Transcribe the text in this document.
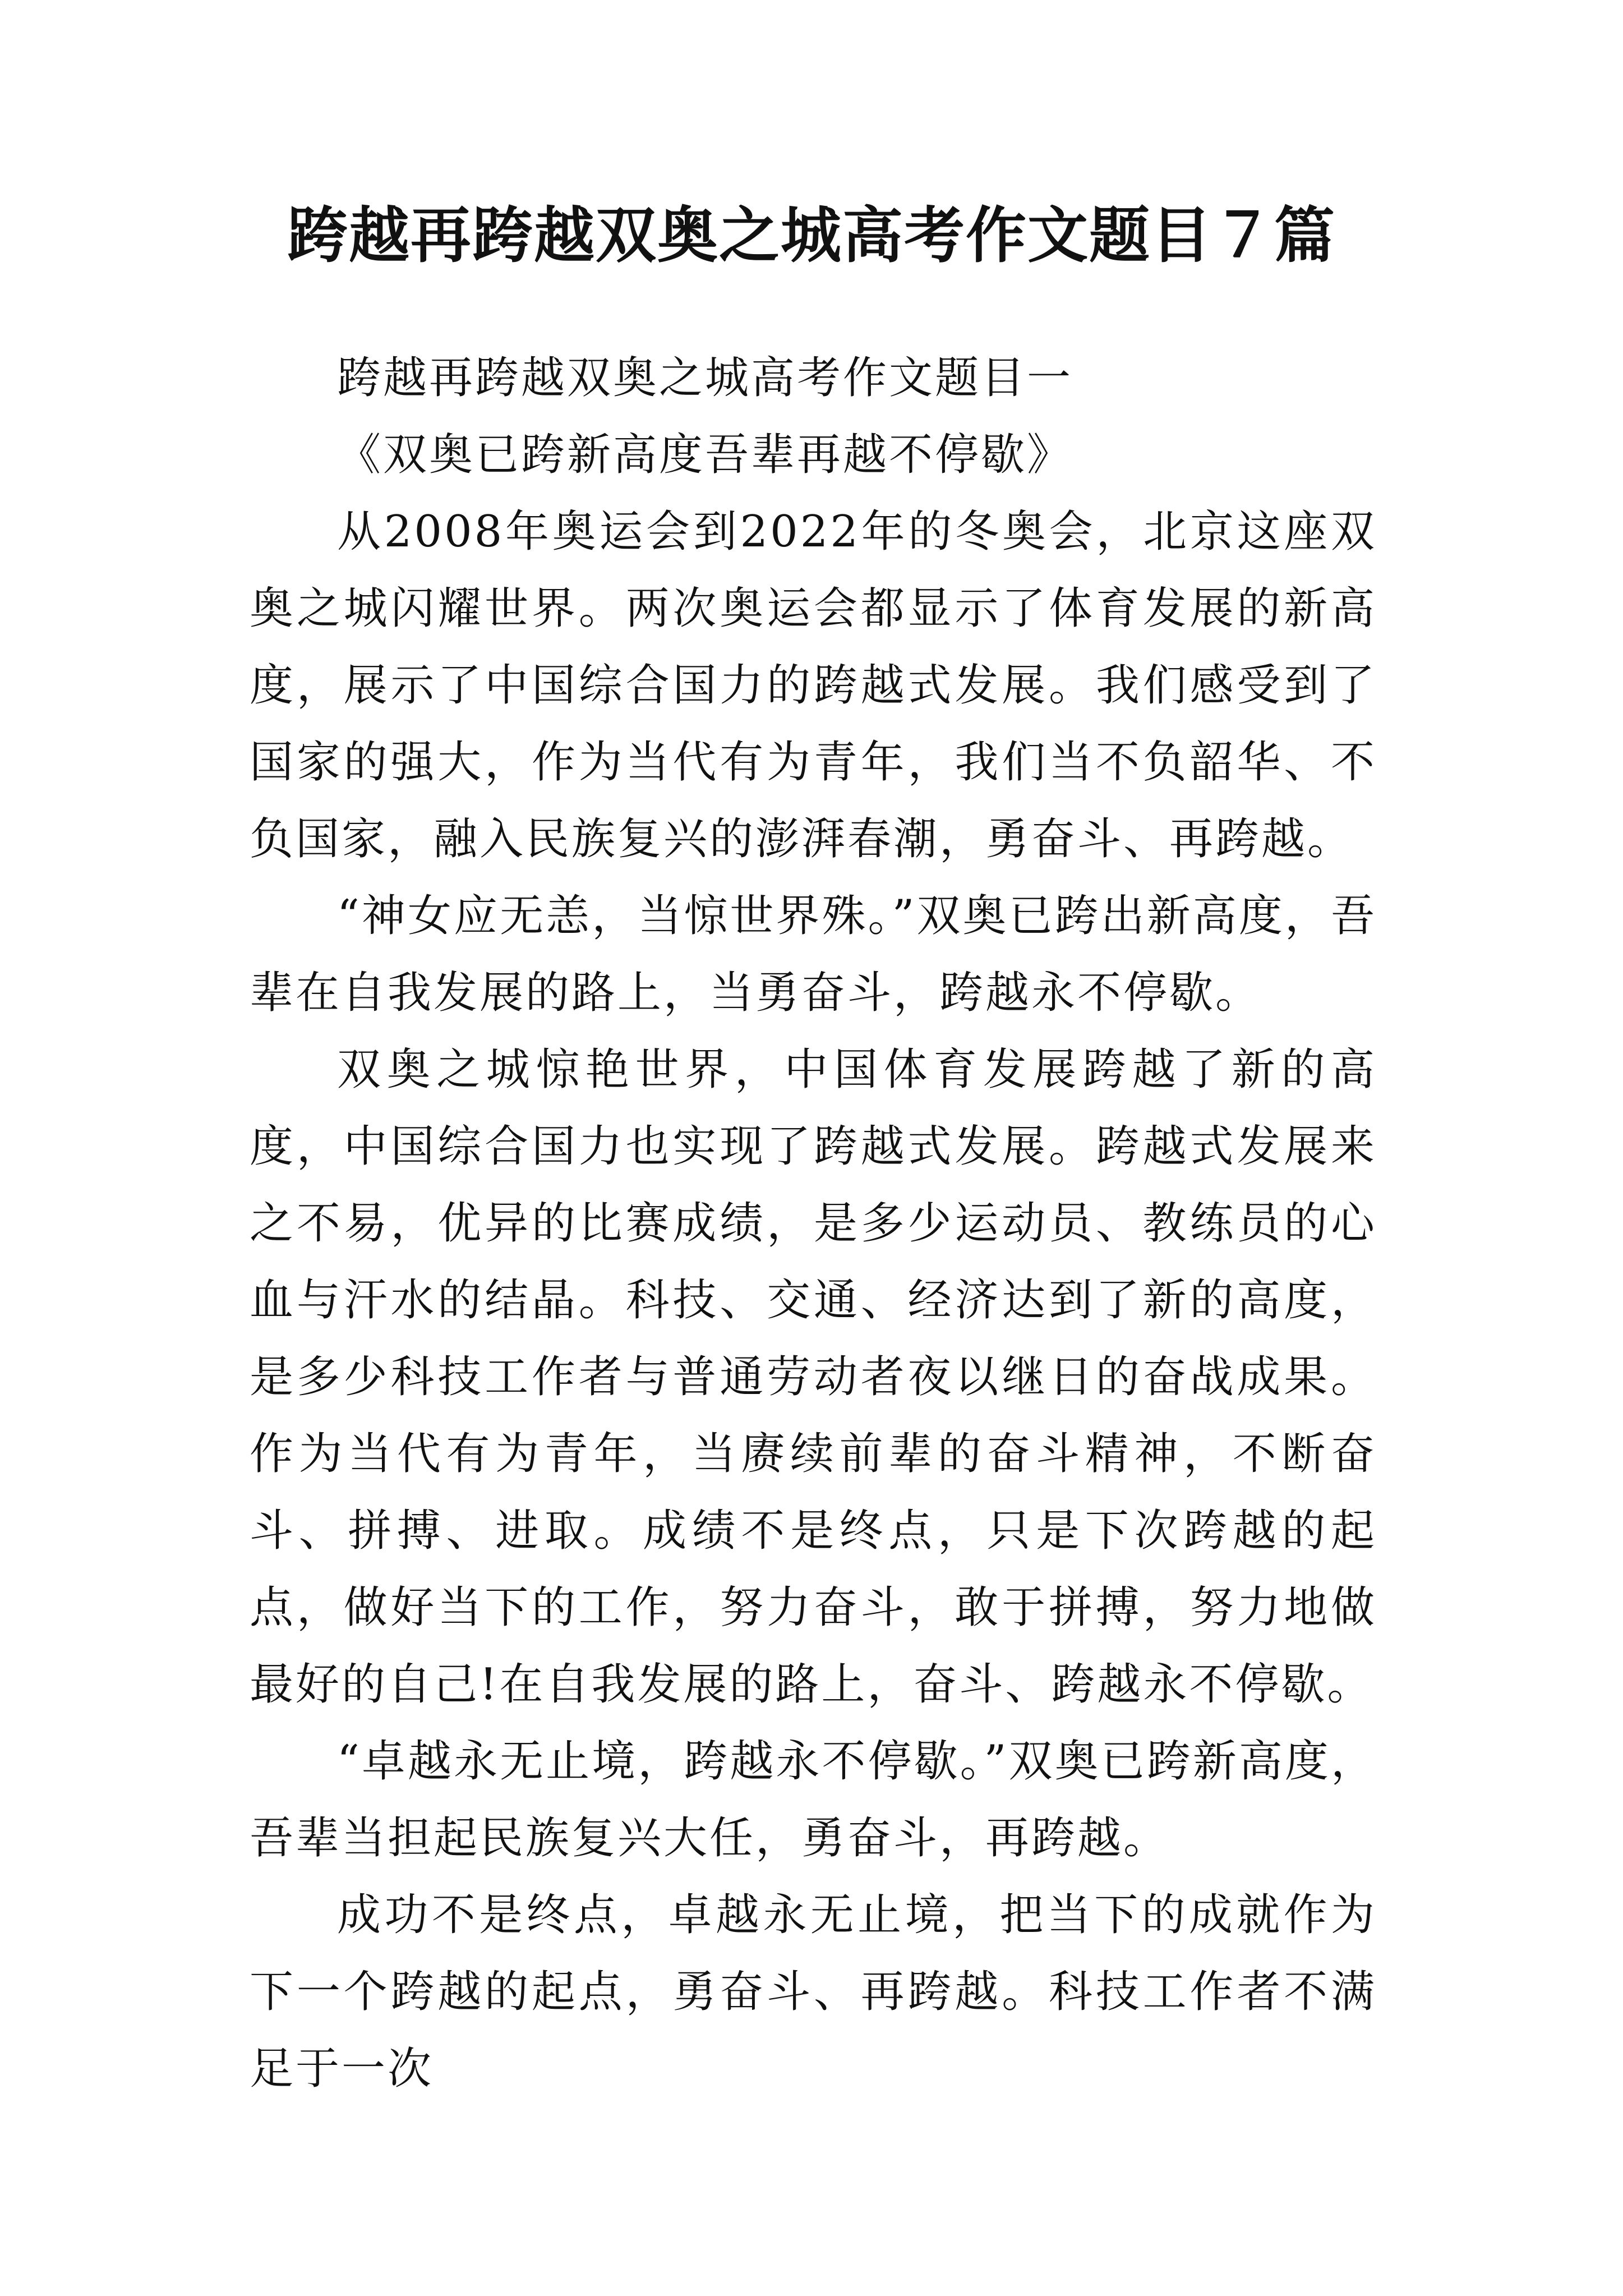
跨越再跨越双奥之城高考作文题目７篇

跨越再跨越双奥之城高考作文题目一

《双奥已跨新高度吾辈再越不停歇》

从2008年奥运会到2022年的冬奥会，北京这座双奥之城闪耀世界。两次奥运会都显示了体育发展的新高度，展示了中国综合国力的跨越式发展。我们感受到了国家的强大，作为当代有为青年，我们当不负韶华、不负国家，融入民族复兴的澎湃春潮，勇奋斗、再跨越。

“神女应无恙，当惊世界殊。”双奥已跨出新高度，吾辈在自我发展的路上，当勇奋斗，跨越永不停歇。

双奥之城惊艳世界，中国体育发展跨越了新的高度，中国综合国力也实现了跨越式发展。跨越式发展来之不易，优异的比赛成绩，是多少运动员、教练员的心血与汗水的结晶。科技、交通、经济达到了新的高度，是多少科技工作者与普通劳动者夜以继日的奋战成果。作为当代有为青年，当赓续前辈的奋斗精神，不断奋斗、拼搏、进取。成绩不是终点，只是下次跨越的起点，做好当下的工作，努力奋斗，敢于拼搏，努力地做最好的自己!在自我发展的路上，奋斗、跨越永不停歇。

“卓越永无止境，跨越永不停歇。”双奥已跨新高度，吾辈当担起民族复兴大任，勇奋斗，再跨越。

成功不是终点，卓越永无止境，把当下的成就作为下一个跨越的起点，勇奋斗、再跨越。科技工作者不满足于一次
